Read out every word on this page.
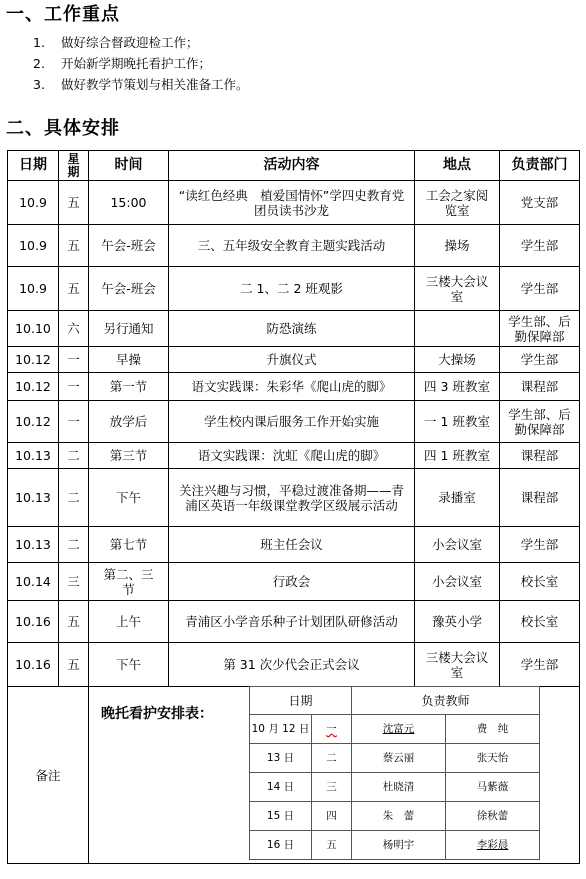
一、工作重点
1. 做好综合督政迎检工作；
2. 开始新学期晚托看护工作；
3. 做好教学节策划与相关准备工作。
二、具体安排
日期	星期	时间	活动内容	地点	负责部门
10.9	五	15:00	“读红色经典　植爱国情怀”学四史教育党团员读书沙龙	工会之家阅览室	党支部
10.9	五	午会-班会	三、五年级安全教育主题实践活动	操场	学生部
10.9	五	午会-班会	二 1、二 2 班观影	三楼大会议室	学生部
10.10	六	另行通知	防恐演练		学生部、后勤保障部
10.12	一	早操	升旗仪式	大操场	学生部
10.12	一	第一节	语文实践课：朱彩华《爬山虎的脚》	四 3 班教室	课程部
10.12	一	放学后	学生校内课后服务工作开始实施	一 1 班教室	学生部、后勤保障部
10.13	二	第三节	语文实践课：沈虹《爬山虎的脚》	四 1 班教室	课程部
10.13	二	下午	关注兴趣与习惯，平稳过渡准备期——青浦区英语一年级课堂教学区级展示活动	录播室	课程部
10.13	二	第七节	班主任会议	小会议室	学生部
10.14	三	第二、三节	行政会	小会议室	校长室
10.16	五	上午	青浦区小学音乐种子计划团队研修活动	豫英小学	校长室
10.16	五	下午	第 31 次少代会正式会议	三楼大会议室	学生部
备注	
晚托看护安排表：
日期	负责教师
10 月 12 日	一	沈富元	费　纯
13 日	二	蔡云丽	张天怡
14 日	三	杜晓清	马紫薇
15 日	四	朱　蕾	徐秋蕾
16 日	五	杨明宇	李彩晨
